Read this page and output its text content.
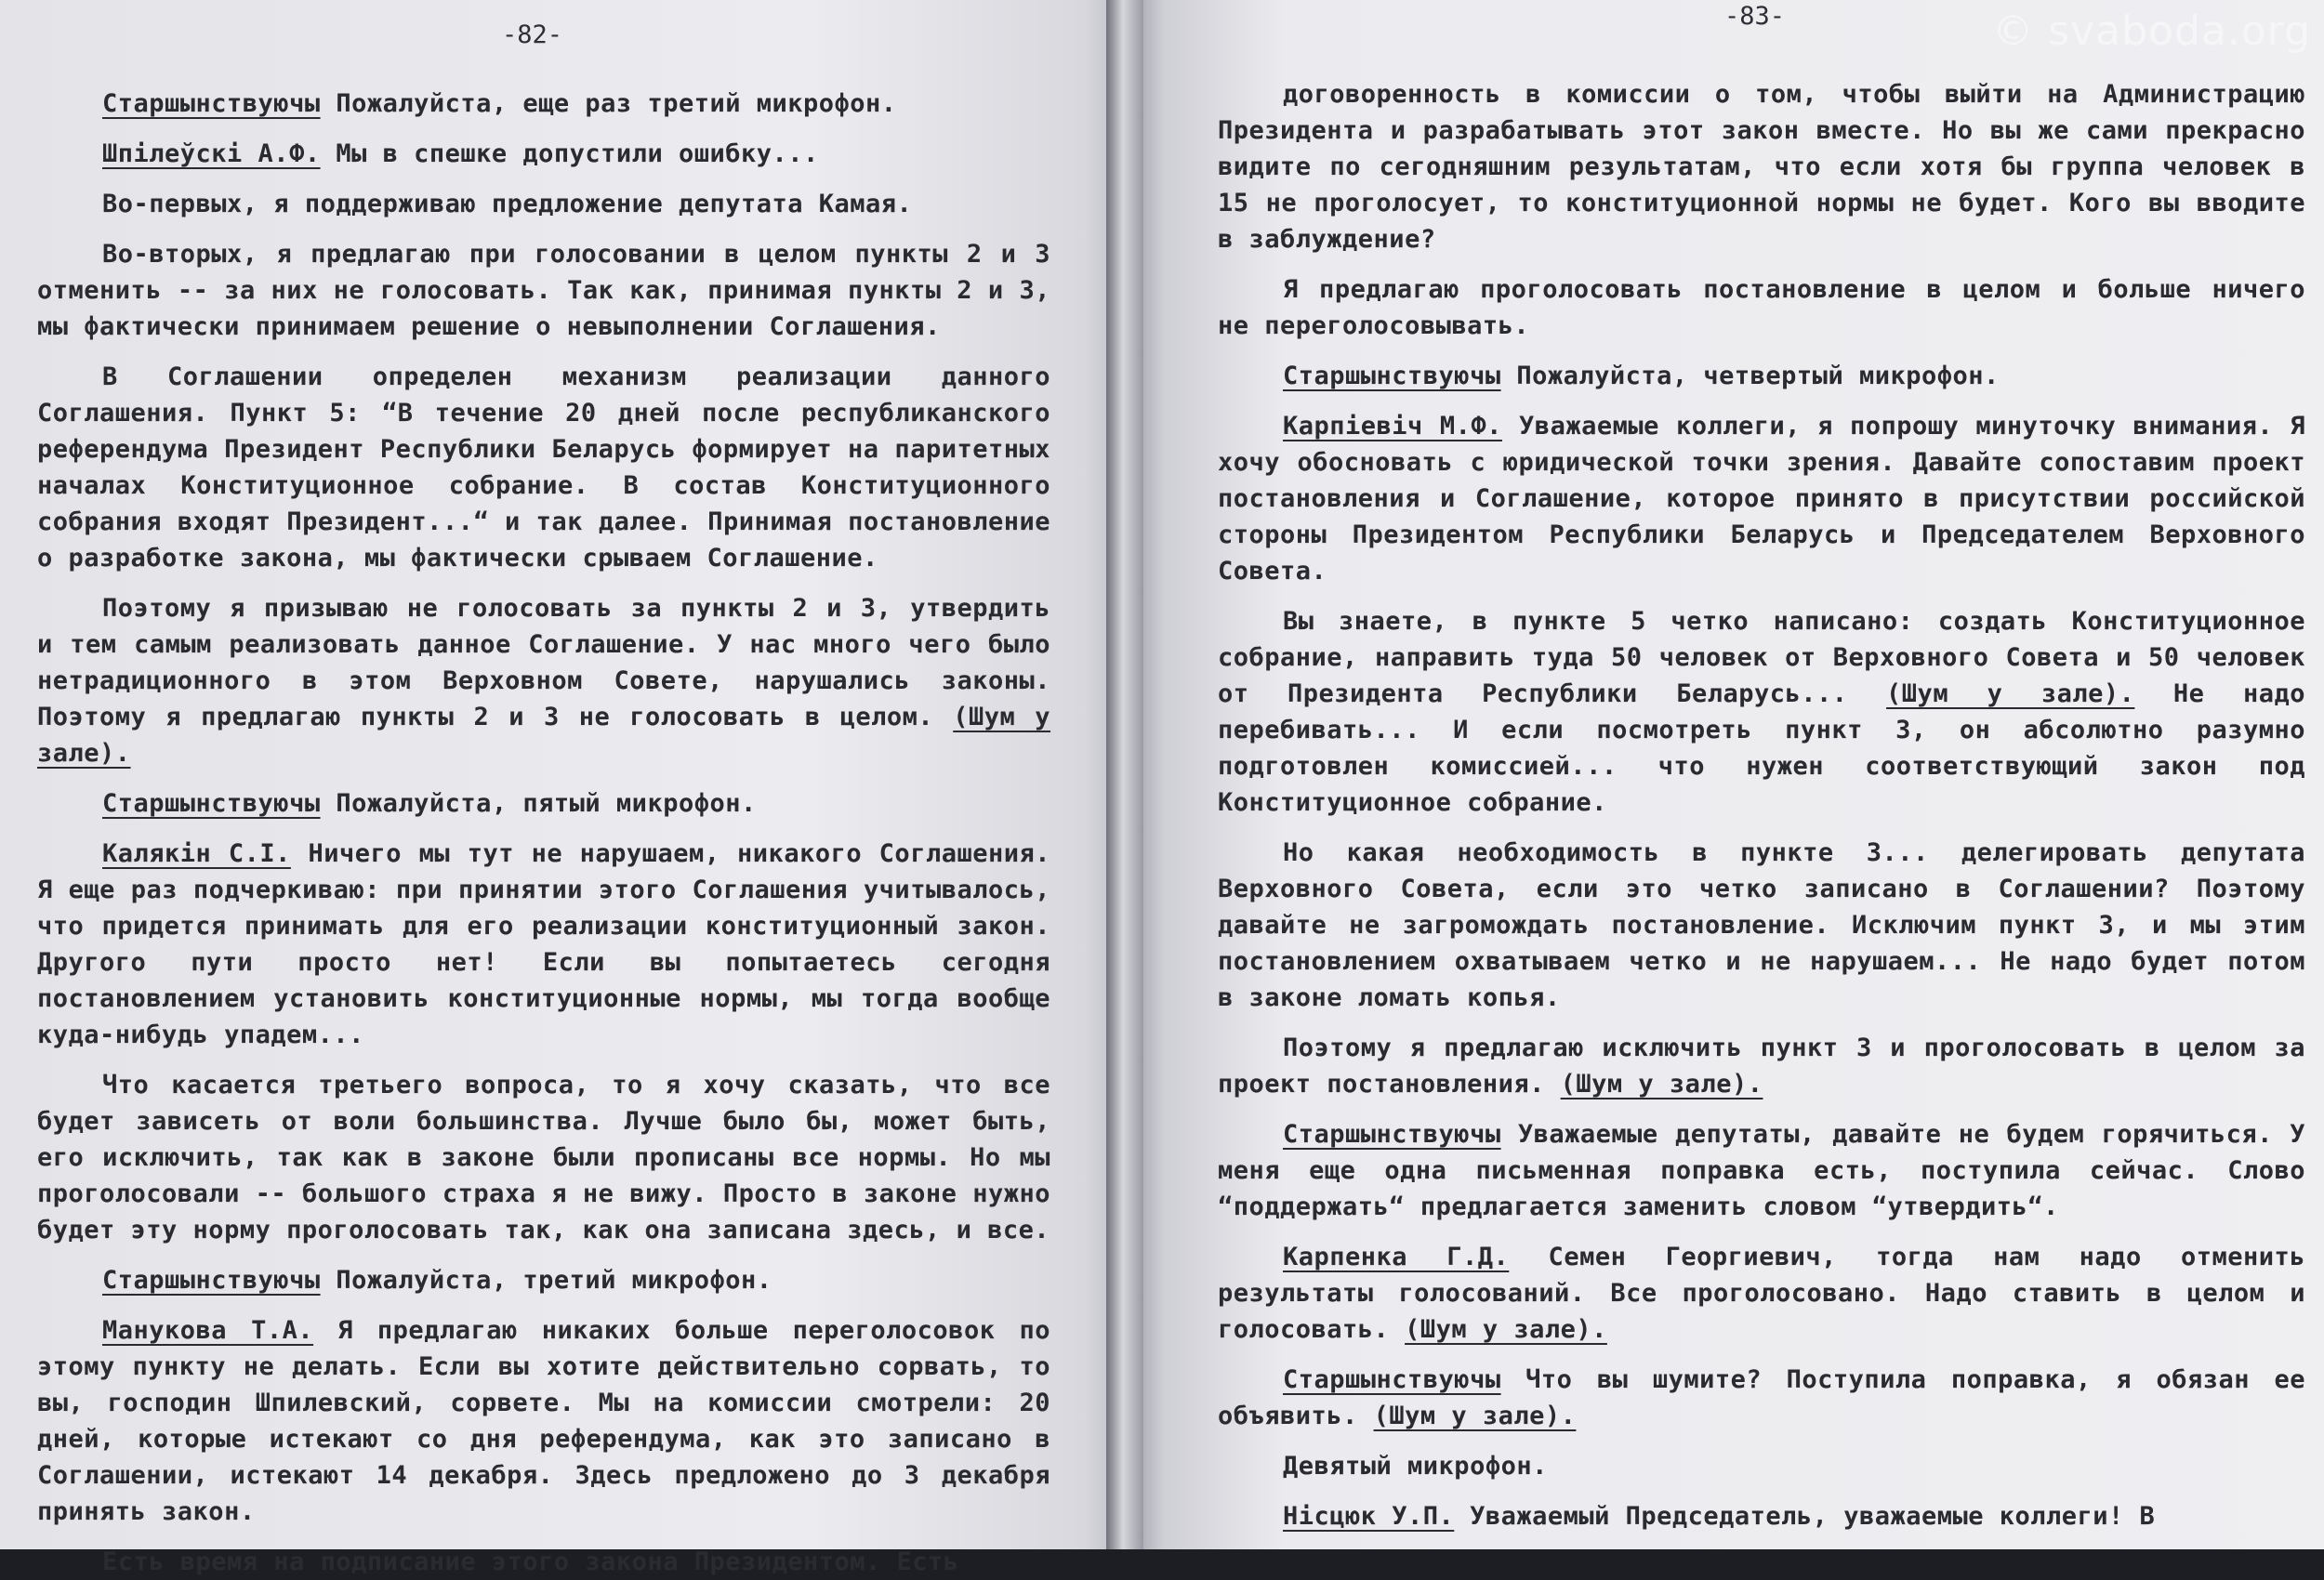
-82-

Старшынствуючы Пожалуйста, еще раз третий микрофон.

Шпілеўскі А.Ф. Мы в спешке допустили ошибку...

Во-первых, я поддерживаю предложение депутата Камая.

Во-вторых, я предлагаю при голосовании в целом пункты 2 и 3 отменить -- за них не голосовать. Так как, принимая пункты 2 и 3, мы фактически принимаем решение о невыполнении Соглашения.

В Соглашении определен механизм реализации данного Соглашения. Пункт 5: “В течение 20 дней после республиканского референдума Президент Республики Беларусь формирует на паритетных началах Конституционное собрание. В состав Конституционного собрания входят Президент...“ и так далее. Принимая постановление о разработке закона, мы фактически срываем Соглашение.

Поэтому я призываю не голосовать за пункты 2 и 3, утвердить и тем самым реализовать данное Соглашение. У нас много чего было нетрадиционного в этом Верховном Совете, нарушались законы. Поэтому я предлагаю пункты 2 и 3 не голосовать в целом. (Шум у зале).

Старшынствуючы Пожалуйста, пятый микрофон.

Калякін С.І. Ничего мы тут не нарушаем, никакого Соглашения. Я еще раз подчеркиваю: при принятии этого Соглашения учитывалось, что придется принимать для его реализации конституционный закон. Другого пути просто нет! Если вы попытаетесь сегодня постановлением установить конституционные нормы, мы тогда вообще куда-нибудь упадем...

Что касается третьего вопроса, то я хочу сказать, что все будет зависеть от воли большинства. Лучше было бы, может быть, его исключить, так как в законе были прописаны все нормы. Но мы проголосовали -- большого страха я не вижу. Просто в законе нужно будет эту норму проголосовать так, как она записана здесь, и все.

Старшынствуючы Пожалуйста, третий микрофон.

Манукова Т.А. Я предлагаю никаких больше переголосовок по этому пункту не делать. Если вы хотите действительно сорвать, то вы, господин Шпилевский, сорвете. Мы на комиссии смотрели: 20 дней, которые истекают со дня референдума, как это записано в Соглашении, истекают 14 декабря. Здесь предложено до 3 декабря принять закон.

Есть время на подписание этого закона Президентом. Есть

-83-

договоренность в комиссии о том, чтобы выйти на Администрацию Президента и разрабатывать этот закон вместе. Но вы же сами прекрасно видите по сегодняшним результатам, что если хотя бы группа человек в 15 не проголосует, то конституционной нормы не будет. Кого вы вводите в заблуждение?

Я предлагаю проголосовать постановление в целом и больше ничего не переголосовывать.

Старшынствуючы Пожалуйста, четвертый микрофон.

Карпіевіч М.Ф. Уважаемые коллеги, я попрошу минуточку внимания. Я хочу обосновать с юридической точки зрения. Давайте сопоставим проект постановления и Соглашение, которое принято в присутствии российской стороны Президентом Республики Беларусь и Председателем Верховного Совета.

Вы знаете, в пункте 5 четко написано: создать Конституционное собрание, направить туда 50 человек от Верховного Совета и 50 человек от Президента Республики Беларусь... (Шум у зале). Не надо перебивать... И если посмотреть пункт 3, он абсолютно разумно подготовлен комиссией... что нужен соответствующий закон под Конституционное собрание.

Но какая необходимость в пункте 3... делегировать депутата Верховного Совета, если это четко записано в Соглашении? Поэтому давайте не загромождать постановление. Исключим пункт 3, и мы этим постановлением охватываем четко и не нарушаем... Не надо будет потом в законе ломать копья.

Поэтому я предлагаю исключить пункт 3 и проголосовать в целом за проект постановления. (Шум у зале).

Старшынствуючы Уважаемые депутаты, давайте не будем горячиться. У меня еще одна письменная поправка есть, поступила сейчас. Слово “поддержать“ предлагается заменить словом “утвердить“.

Карпенка Г.Д. Семен Георгиевич, тогда нам надо отменить результаты голосований. Все проголосовано. Надо ставить в целом и голосовать. (Шум у зале).

Старшынствуючы Что вы шумите? Поступила поправка, я обязан ее объявить. (Шум у зале).

Девятый микрофон.

Нісцюк У.П. Уважаемый Председатель, уважаемые коллеги! В

© svaboda.org
